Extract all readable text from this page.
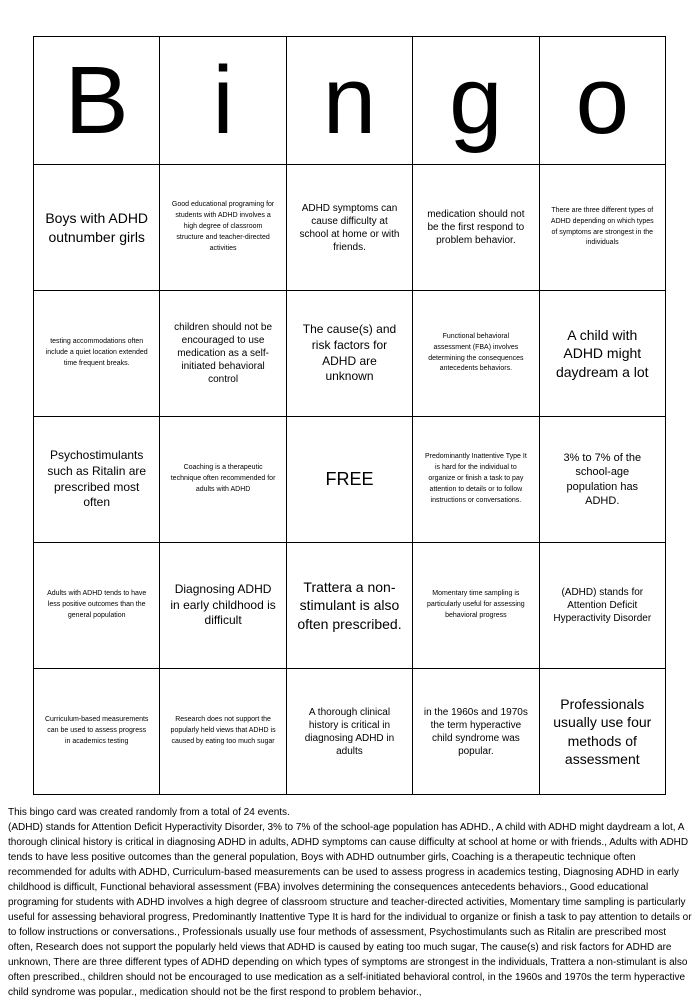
B	i	n	g	o

Boys with ADHD outnumber girls	Good educational programing for students with ADHD involves a high degree of classroom structure and teacher-directed activities	ADHD symptoms can cause difficulty at school at home or with friends.	medication should not be the first respond to problem behavior.	There are three different types of ADHD depending on which types of symptoms are strongest in the individuals

testing accommodations often include a quiet location extended time frequent breaks.	children should not be encouraged to use medication as a self-initiated behavioral control	The cause(s) and risk factors for ADHD are unknown	Functional behavioral assessment (FBA) involves determining the consequences antecedents behaviors.	A child with ADHD might daydream a lot

Psychostimulants such as Ritalin are prescribed most often	Coaching is a therapeutic technique often recommended for adults with ADHD	FREE	Predominantly Inattentive Type It is hard for the individual to organize or finish a task to pay attention to details or to follow instructions or conversations.	3% to 7% of the school-age population has ADHD.

Adults with ADHD tends to have less positive outcomes than the general population	Diagnosing ADHD in early childhood is difficult	Trattera a non-stimulant is also often prescribed.	Momentary time sampling is particularly useful for assessing behavioral progress	(ADHD) stands for Attention Deficit Hyperactivity Disorder

Curriculum-based measurements can be used to assess progress in academics testing	Research does not support the popularly held views that ADHD is caused by eating too much sugar	A thorough clinical history is critical in diagnosing ADHD in adults	in the 1960s and 1970s the term hyperactive child syndrome was popular.	Professionals usually use four methods of assessment

This bingo card was created randomly from a total of 24 events.

(ADHD) stands for Attention Deficit Hyperactivity Disorder, 3% to 7% of the school-age population has ADHD., A child with ADHD might daydream a lot, A thorough clinical history is critical in diagnosing ADHD in adults, ADHD symptoms can cause difficulty at school at home or with friends., Adults with ADHD tends to have less positive outcomes than the general population, Boys with ADHD outnumber girls, Coaching is a therapeutic technique often recommended for adults with ADHD, Curriculum-based measurements can be used to assess progress in academics testing, Diagnosing ADHD in early childhood is difficult, Functional behavioral assessment (FBA) involves determining the consequences antecedents behaviors., Good educational programing for students with ADHD involves a high degree of classroom structure and teacher-directed activities, Momentary time sampling is particularly useful for assessing behavioral progress, Predominantly Inattentive Type It is hard for the individual to organize or finish a task to pay attention to details or to follow instructions or conversations., Professionals usually use four methods of assessment, Psychostimulants such as Ritalin are prescribed most often, Research does not support the popularly held views that ADHD is caused by eating too much sugar, The cause(s) and risk factors for ADHD are unknown, There are three different types of ADHD depending on which types of symptoms are strongest in the individuals, Trattera a non-stimulant is also often prescribed., children should not be encouraged to use medication as a self-initiated behavioral control, in the 1960s and 1970s the term hyperactive child syndrome was popular., medication should not be the first respond to problem behavior.,
